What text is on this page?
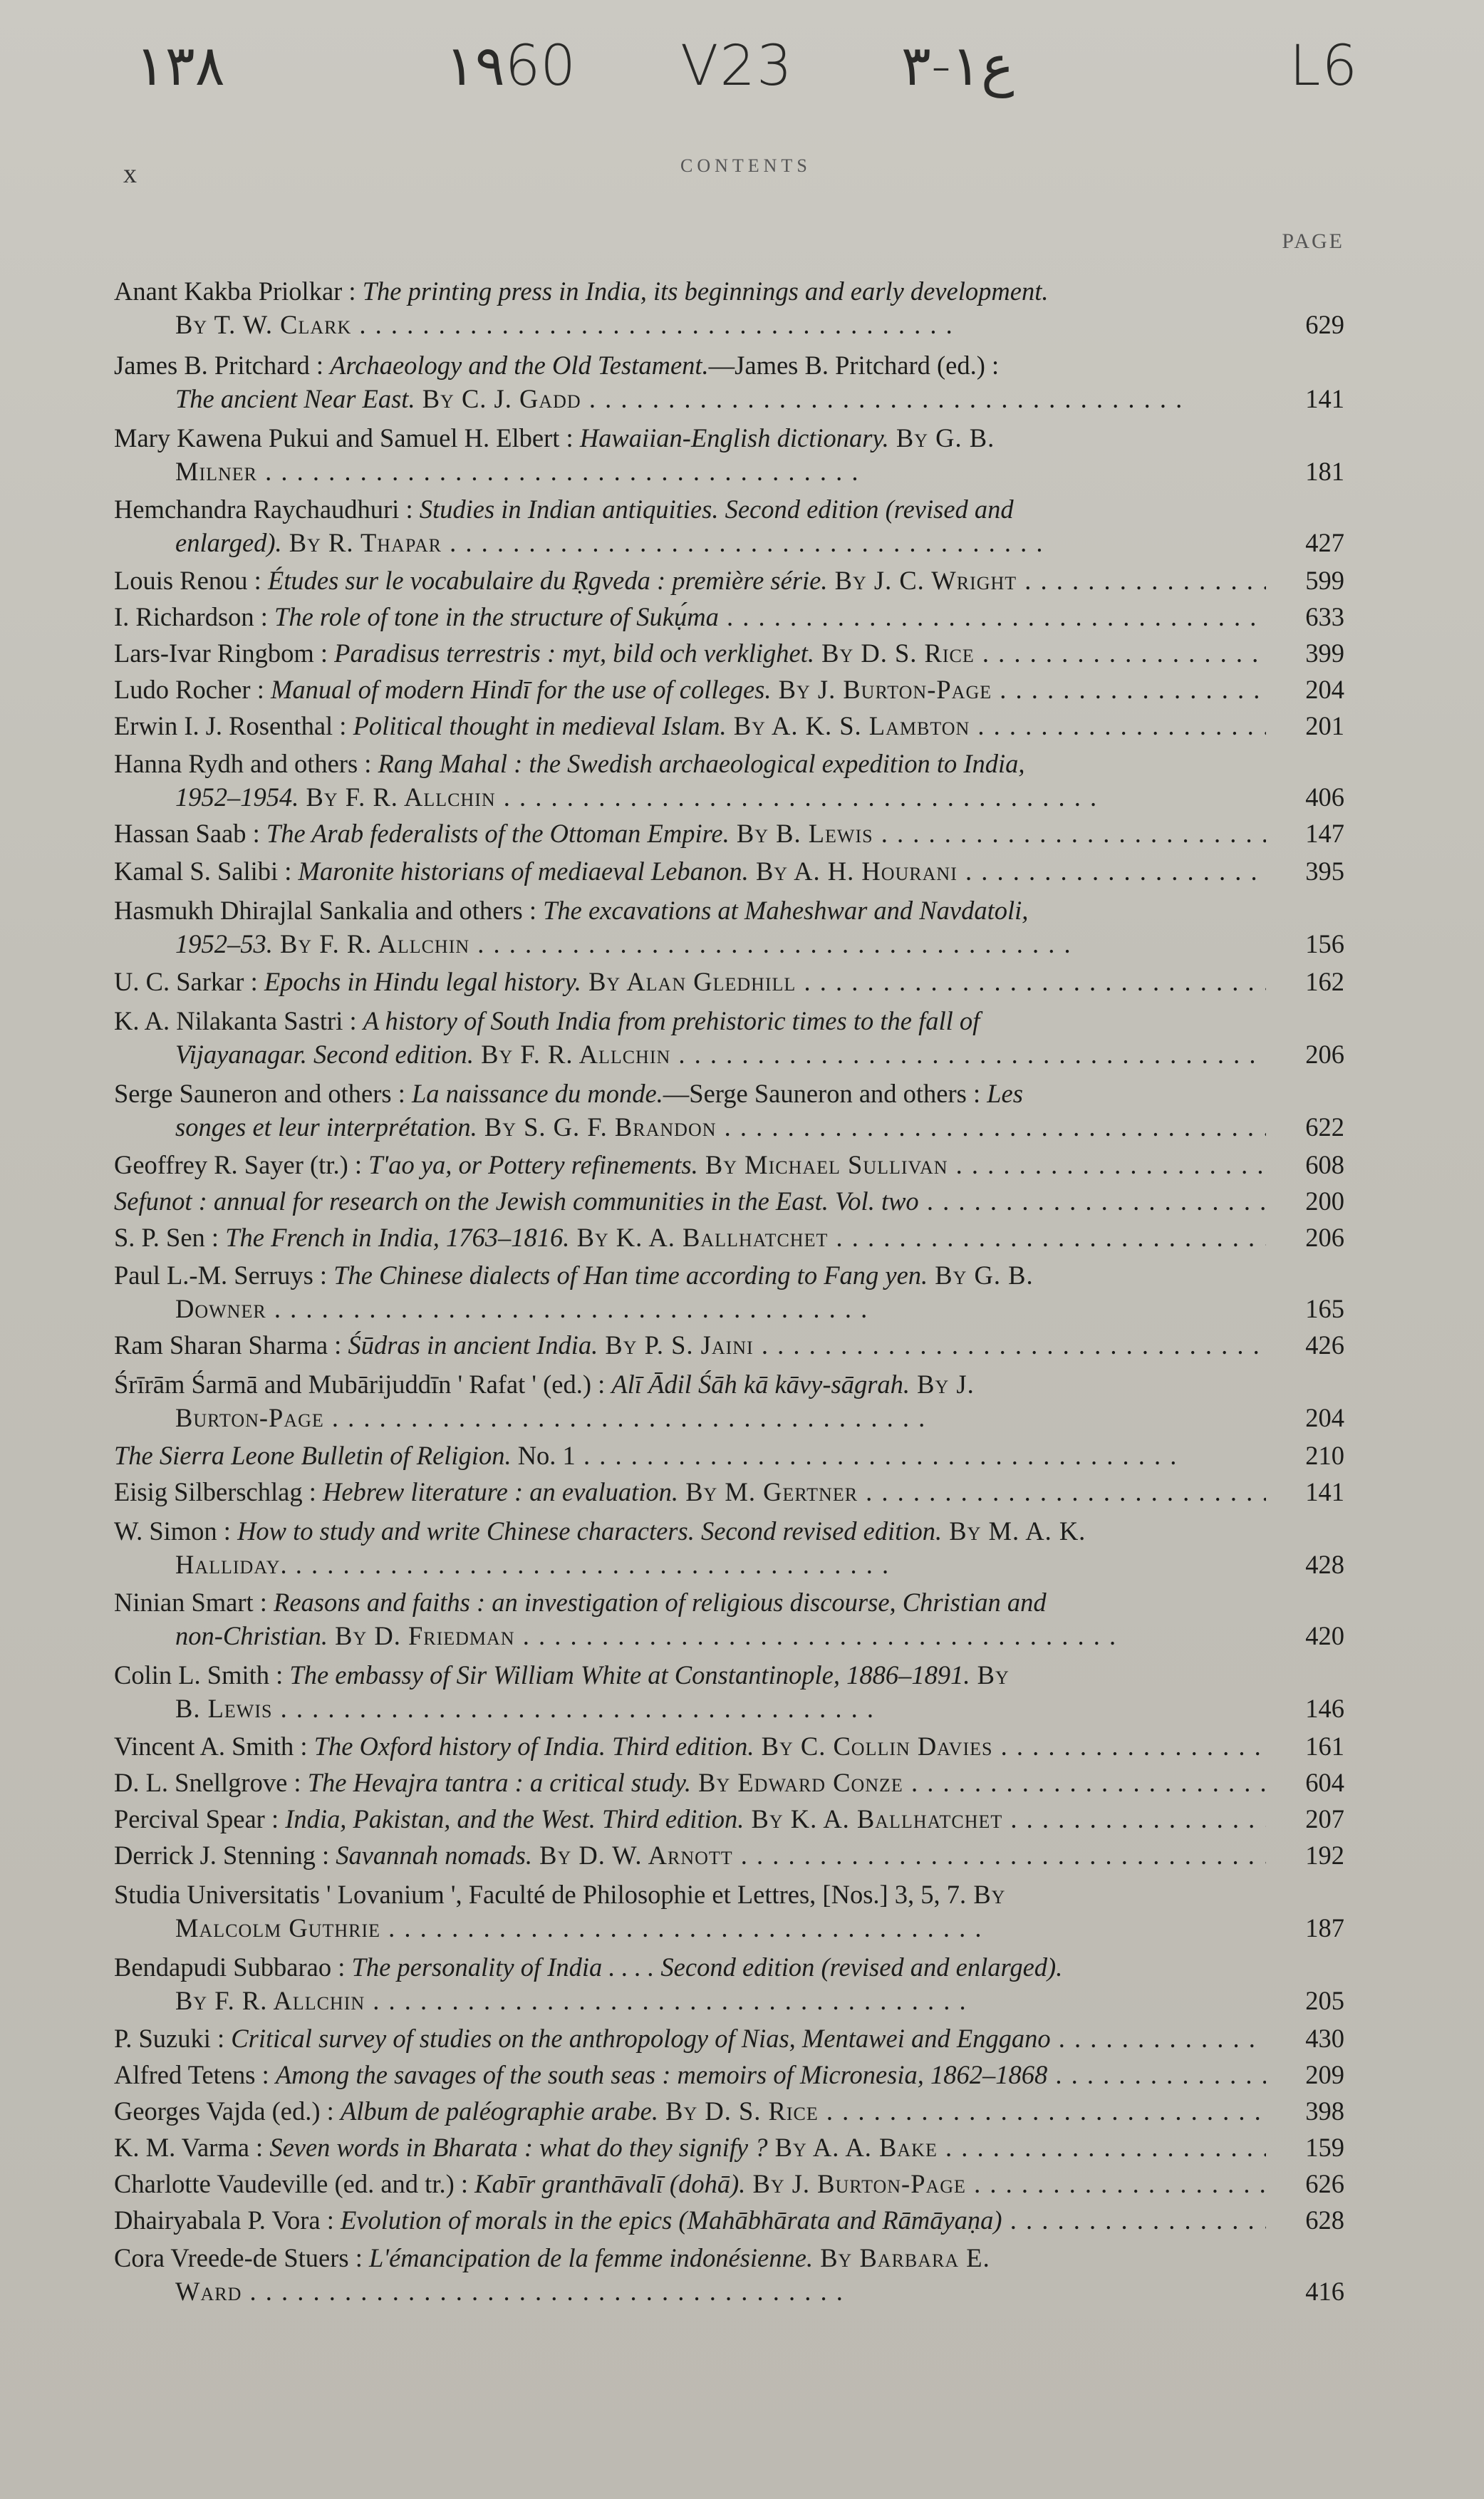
١٣٨	١٩60 V23 ع١-٣	L6
x	CONTENTS
PAGE
Anant Kakba Priolkar : The printing press in India, its beginnings and early development.
By T. W. Clark . .	629
James B. Pritchard : Archaeology and the Old Testament.—James B. Pritchard (ed.) :
The ancient Near East. By C. J. Gadd . .	141
Mary Kawena Pukui and Samuel H. Elbert : Hawaiian-English dictionary. By G. B.
Milner . .	181
Hemchandra Raychaudhuri : Studies in Indian antiquities. Second edition (revised and
enlarged). By R. Thapar . .	427
Louis Renou : Études sur le vocabulaire du Ṛgveda : première série. By J. C. Wright . .	599
I. Richardson : The role of tone in the structure of Sukụ́ma . .	633
Lars-Ivar Ringbom : Paradisus terrestris : myt, bild och verklighet. By D. S. Rice . .	399
Ludo Rocher : Manual of modern Hindī for the use of colleges. By J. Burton-Page . .	204
Erwin I. J. Rosenthal : Political thought in medieval Islam. By A. K. S. Lambton . .	201
Hanna Rydh and others : Rang Mahal : the Swedish archaeological expedition to India,
1952–1954. By F. R. Allchin . .	406
Hassan Saab : The Arab federalists of the Ottoman Empire. By B. Lewis . .	147
Kamal S. Salibi : Maronite historians of mediaeval Lebanon. By A. H. Hourani . .	395
Hasmukh Dhirajlal Sankalia and others : The excavations at Maheshwar and Navdatoli,
1952–53. By F. R. Allchin . .	156
U. C. Sarkar : Epochs in Hindu legal history. By Alan Gledhill . .	162
K. A. Nilakanta Sastri : A history of South India from prehistoric times to the fall of
Vijayanagar. Second edition. By F. R. Allchin . .	206
Serge Sauneron and others : La naissance du monde.—Serge Sauneron and others : Les
songes et leur interprétation. By S. G. F. Brandon . .	622
Geoffrey R. Sayer (tr.) : T'ao ya, or Pottery refinements. By Michael Sullivan . .	608
Sefunot : annual for research on the Jewish communities in the East. Vol. two . .	200
S. P. Sen : The French in India, 1763–1816. By K. A. Ballhatchet . .	206
Paul L.-M. Serruys : The Chinese dialects of Han time according to Fang yen. By G. B.
Downer . .	165
Ram Sharan Sharma : Śūdras in ancient India. By P. S. Jaini . .	426
Śrīrām Śarmā and Mubārijuddīn ' Rafat ' (ed.) : Alī Ādil Śāh kā kāvy-sāgrah. By J.
Burton-Page . .	204
The Sierra Leone Bulletin of Religion. No. 1 . .	210
Eisig Silberschlag : Hebrew literature : an evaluation. By M. Gertner . .	141
W. Simon : How to study and write Chinese characters. Second revised edition. By M. A. K.
Halliday. . .	428
Ninian Smart : Reasons and faiths : an investigation of religious discourse, Christian and
non-Christian. By D. Friedman . .	420
Colin L. Smith : The embassy of Sir William White at Constantinople, 1886–1891. By
B. Lewis . .	146
Vincent A. Smith : The Oxford history of India. Third edition. By C. Collin Davies . .	161
D. L. Snellgrove : The Hevajra tantra : a critical study. By Edward Conze . .	604
Percival Spear : India, Pakistan, and the West. Third edition. By K. A. Ballhatchet . .	207
Derrick J. Stenning : Savannah nomads. By D. W. Arnott . .	192
Studia Universitatis ' Lovanium ', Faculté de Philosophie et Lettres, [Nos.] 3, 5, 7. By
Malcolm Guthrie . .	187
Bendapudi Subbarao : The personality of India . . . . Second edition (revised and enlarged).
By F. R. Allchin . .	205
P. Suzuki : Critical survey of studies on the anthropology of Nias, Mentawei and Enggano . .	430
Alfred Tetens : Among the savages of the south seas : memoirs of Micronesia, 1862–1868 . .	209
Georges Vajda (ed.) : Album de paléographie arabe. By D. S. Rice . .	398
K. M. Varma : Seven words in Bharata : what do they signify ? By A. A. Bake . .	159
Charlotte Vaudeville (ed. and tr.) : Kabīr granthāvalī (dohā). By J. Burton-Page . .	626
Dhairyabala P. Vora : Evolution of morals in the epics (Mahābhārata and Rāmāyaṇa) . .	628
Cora Vreede-de Stuers : L'émancipation de la femme indonésienne. By Barbara E.
Ward . .	416
